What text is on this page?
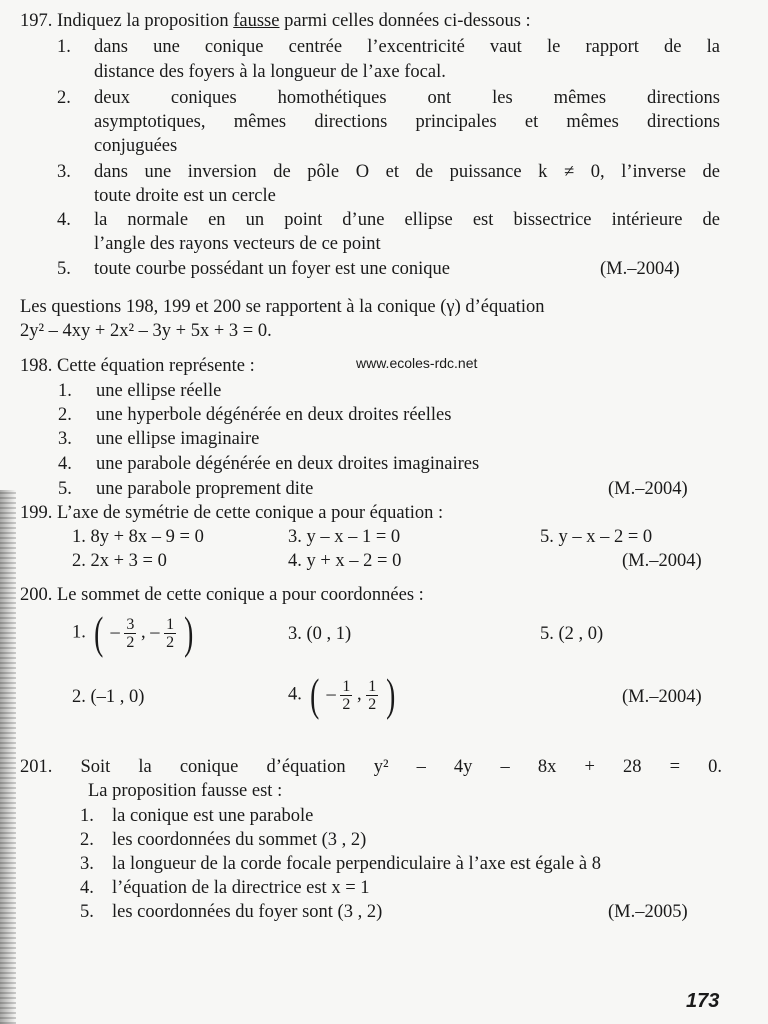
197. Indiquez la proposition fausse parmi celles données ci-dessous :
1. dans une conique centrée l’excentricité vaut le rapport de la
distance des foyers à la longueur de l’axe focal.
2. deux coniques homothétiques ont les mêmes directions
asymptotiques, mêmes directions principales et mêmes directions
conjuguées
3. dans une inversion de pôle O et de puissance k ≠ 0, l’inverse de
toute droite est un cercle
4. la normale en un point d’une ellipse est bissectrice intérieure de
l’angle des rayons vecteurs de ce point
5. toute courbe possédant un foyer est une conique	(M.–2004)
Les questions 198, 199 et 200 se rapportent à la conique (γ) d’équation
2y² – 4xy + 2x² – 3y + 5x + 3 = 0.
198. Cette équation représente :	www.ecoles-rdc.net
1. une ellipse réelle
2. une hyperbole dégénérée en deux droites réelles
3. une ellipse imaginaire
4. une parabole dégénérée en deux droites imaginaires
5. une parabole proprement dite	(M.–2004)
199. L’axe de symétrie de cette conique a pour équation :
1. 8y + 8x – 9 = 0	3. y – x – 1 = 0	5. y – x – 2 = 0
2. 2x + 3 = 0	4. y + x – 2 = 0	(M.–2004)
200. Le sommet de cette conique a pour coordonnées :
1. ( – $\frac{3}{2}$ , – $\frac{1}{2}$ )	3. (0 , 1)	5. (2 , 0)
2. (–1 , 0)	4. ( – $\frac{1}{2}$ , $\frac{1}{2}$ )	(M.–2004)
201. Soit la conique d’équation y² – 4y – 8x + 28 = 0.
La proposition fausse est :
1. la conique est une parabole
2. les coordonnées du sommet (3 , 2)
3. la longueur de la corde focale perpendiculaire à l’axe est égale à 8
4. l’équation de la directrice est x = 1
5. les coordonnées du foyer sont (3 , 2)	(M.–2005)
173
